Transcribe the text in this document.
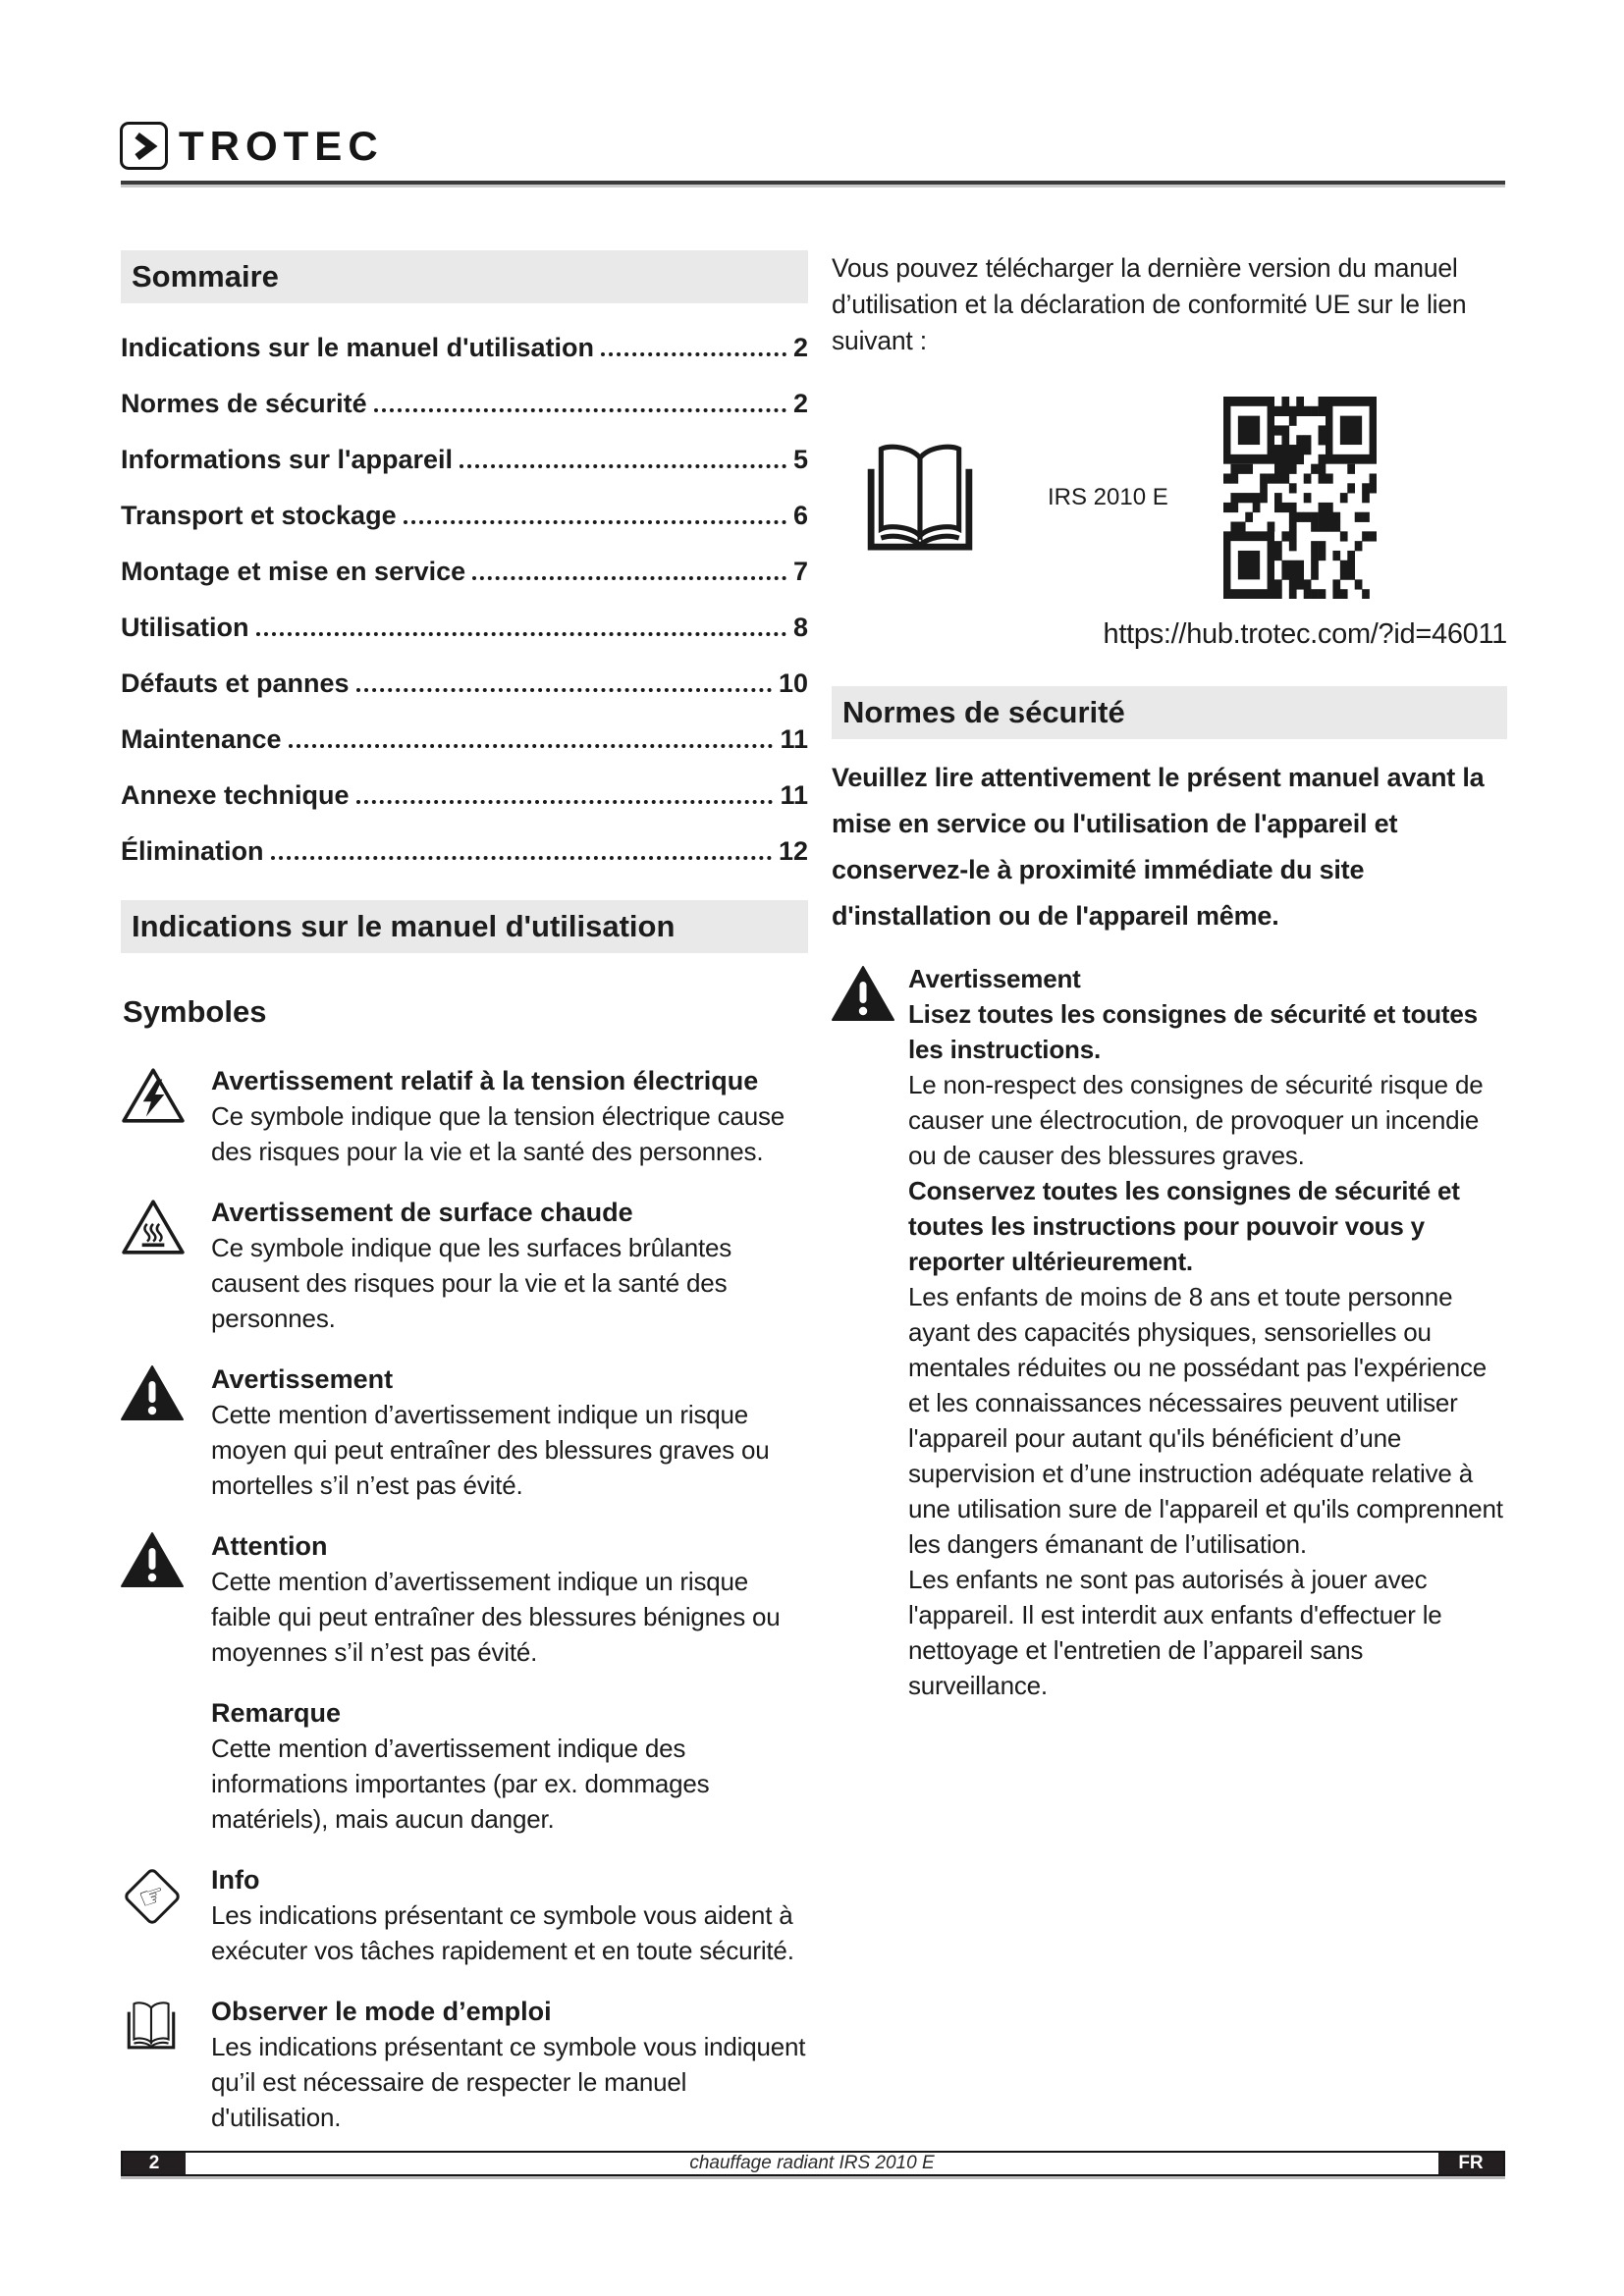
TROTEC
Sommaire
Indications sur le manuel d'utilisation	2
Normes de sécurité	2
Informations sur l'appareil	5
Transport et stockage	6
Montage et mise en service	7
Utilisation	8
Défauts et pannes	10
Maintenance	11
Annexe technique	11
Élimination	12
Indications sur le manuel d'utilisation
Symboles
Avertissement relatif à la tension électrique
Ce symbole indique que la tension électrique cause des risques pour la vie et la santé des personnes.
Avertissement de surface chaude
Ce symbole indique que les surfaces brûlantes causent des risques pour la vie et la santé des personnes.
Avertissement
Cette mention d’avertissement indique un risque moyen qui peut entraîner des blessures graves ou mortelles s’il n’est pas évité.
Attention
Cette mention d’avertissement indique un risque faible qui peut entraîner des blessures bénignes ou moyennes s’il n’est pas évité.
Remarque
Cette mention d’avertissement indique des informations importantes (par ex. dommages matériels), mais aucun danger.
☞ Info
Les indications présentant ce symbole vous aident à exécuter vos tâches rapidement et en toute sécurité.
Observer le mode d’emploi
Les indications présentant ce symbole vous indiquent qu’il est nécessaire de respecter le manuel d'utilisation.
Vous pouvez télécharger la dernière version du manuel d’utilisation et la déclaration de conformité UE sur le lien suivant :
IRS 2010 E
https://hub.trotec.com/?id=46011
Normes de sécurité
Veuillez lire attentivement le présent manuel avant la mise en service ou l'utilisation de l'appareil et conservez-le à proximité immédiate du site d'installation ou de l'appareil même.
Avertissement
Lisez toutes les consignes de sécurité et toutes les instructions.
Le non-respect des consignes de sécurité risque de causer une électrocution, de provoquer un incendie ou de causer des blessures graves.
Conservez toutes les consignes de sécurité et toutes les instructions pour pouvoir vous y reporter ultérieurement.
Les enfants de moins de 8 ans et toute personne ayant des capacités physiques, sensorielles ou mentales réduites ou ne possédant pas l'expérience et les connaissances nécessaires peuvent utiliser l'appareil pour autant qu'ils bénéficient d’une supervision et d’une instruction adéquate relative à une utilisation sure de l'appareil et qu'ils comprennent les dangers émanant de l’utilisation.
Les enfants ne sont pas autorisés à jouer avec l'appareil. Il est interdit aux enfants d'effectuer le nettoyage et l'entretien de l’appareil sans surveillance.
2	chauffage radiant IRS 2010 E	FR
